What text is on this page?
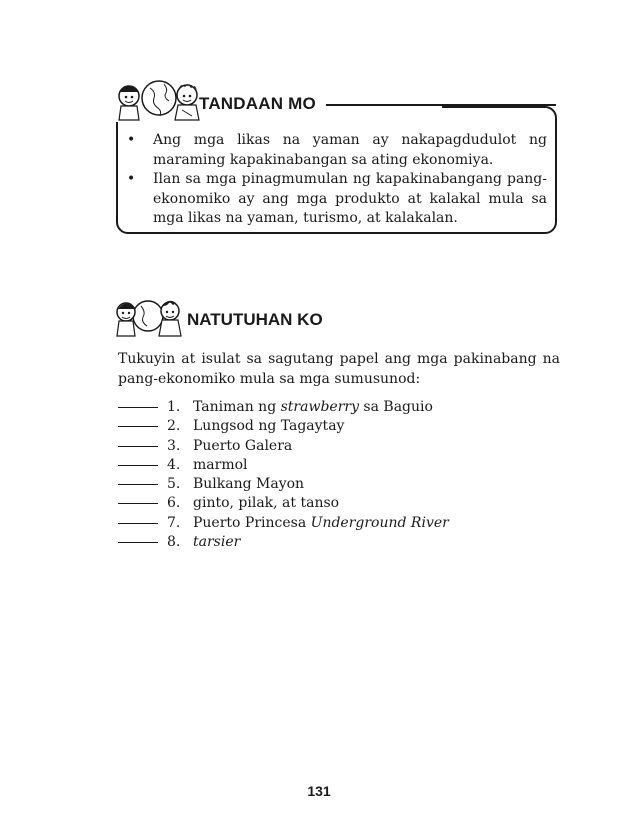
TANDAAN MO
• Ang mga likas na yaman ay nakapagdudulot ng maraming kapakinabangan sa ating ekonomiya.
• Ilan sa mga pinagmumulan ng kapakinabangang pang-ekonomiko ay ang mga produkto at kalakal mula sa mga likas na yaman, turismo, at kalakalan.
NATUTUHAN KO

Tukuyin at isulat sa sagutang papel ang mga pakinabang na pang-ekonomiko mula sa mga sumusunod:

1. Taniman ng strawberry sa Baguio
2. Lungsod ng Tagaytay
3. Puerto Galera
4. marmol
5. Bulkang Mayon
6. ginto, pilak, at tanso
7. Puerto Princesa Underground River
8. tarsier
131
